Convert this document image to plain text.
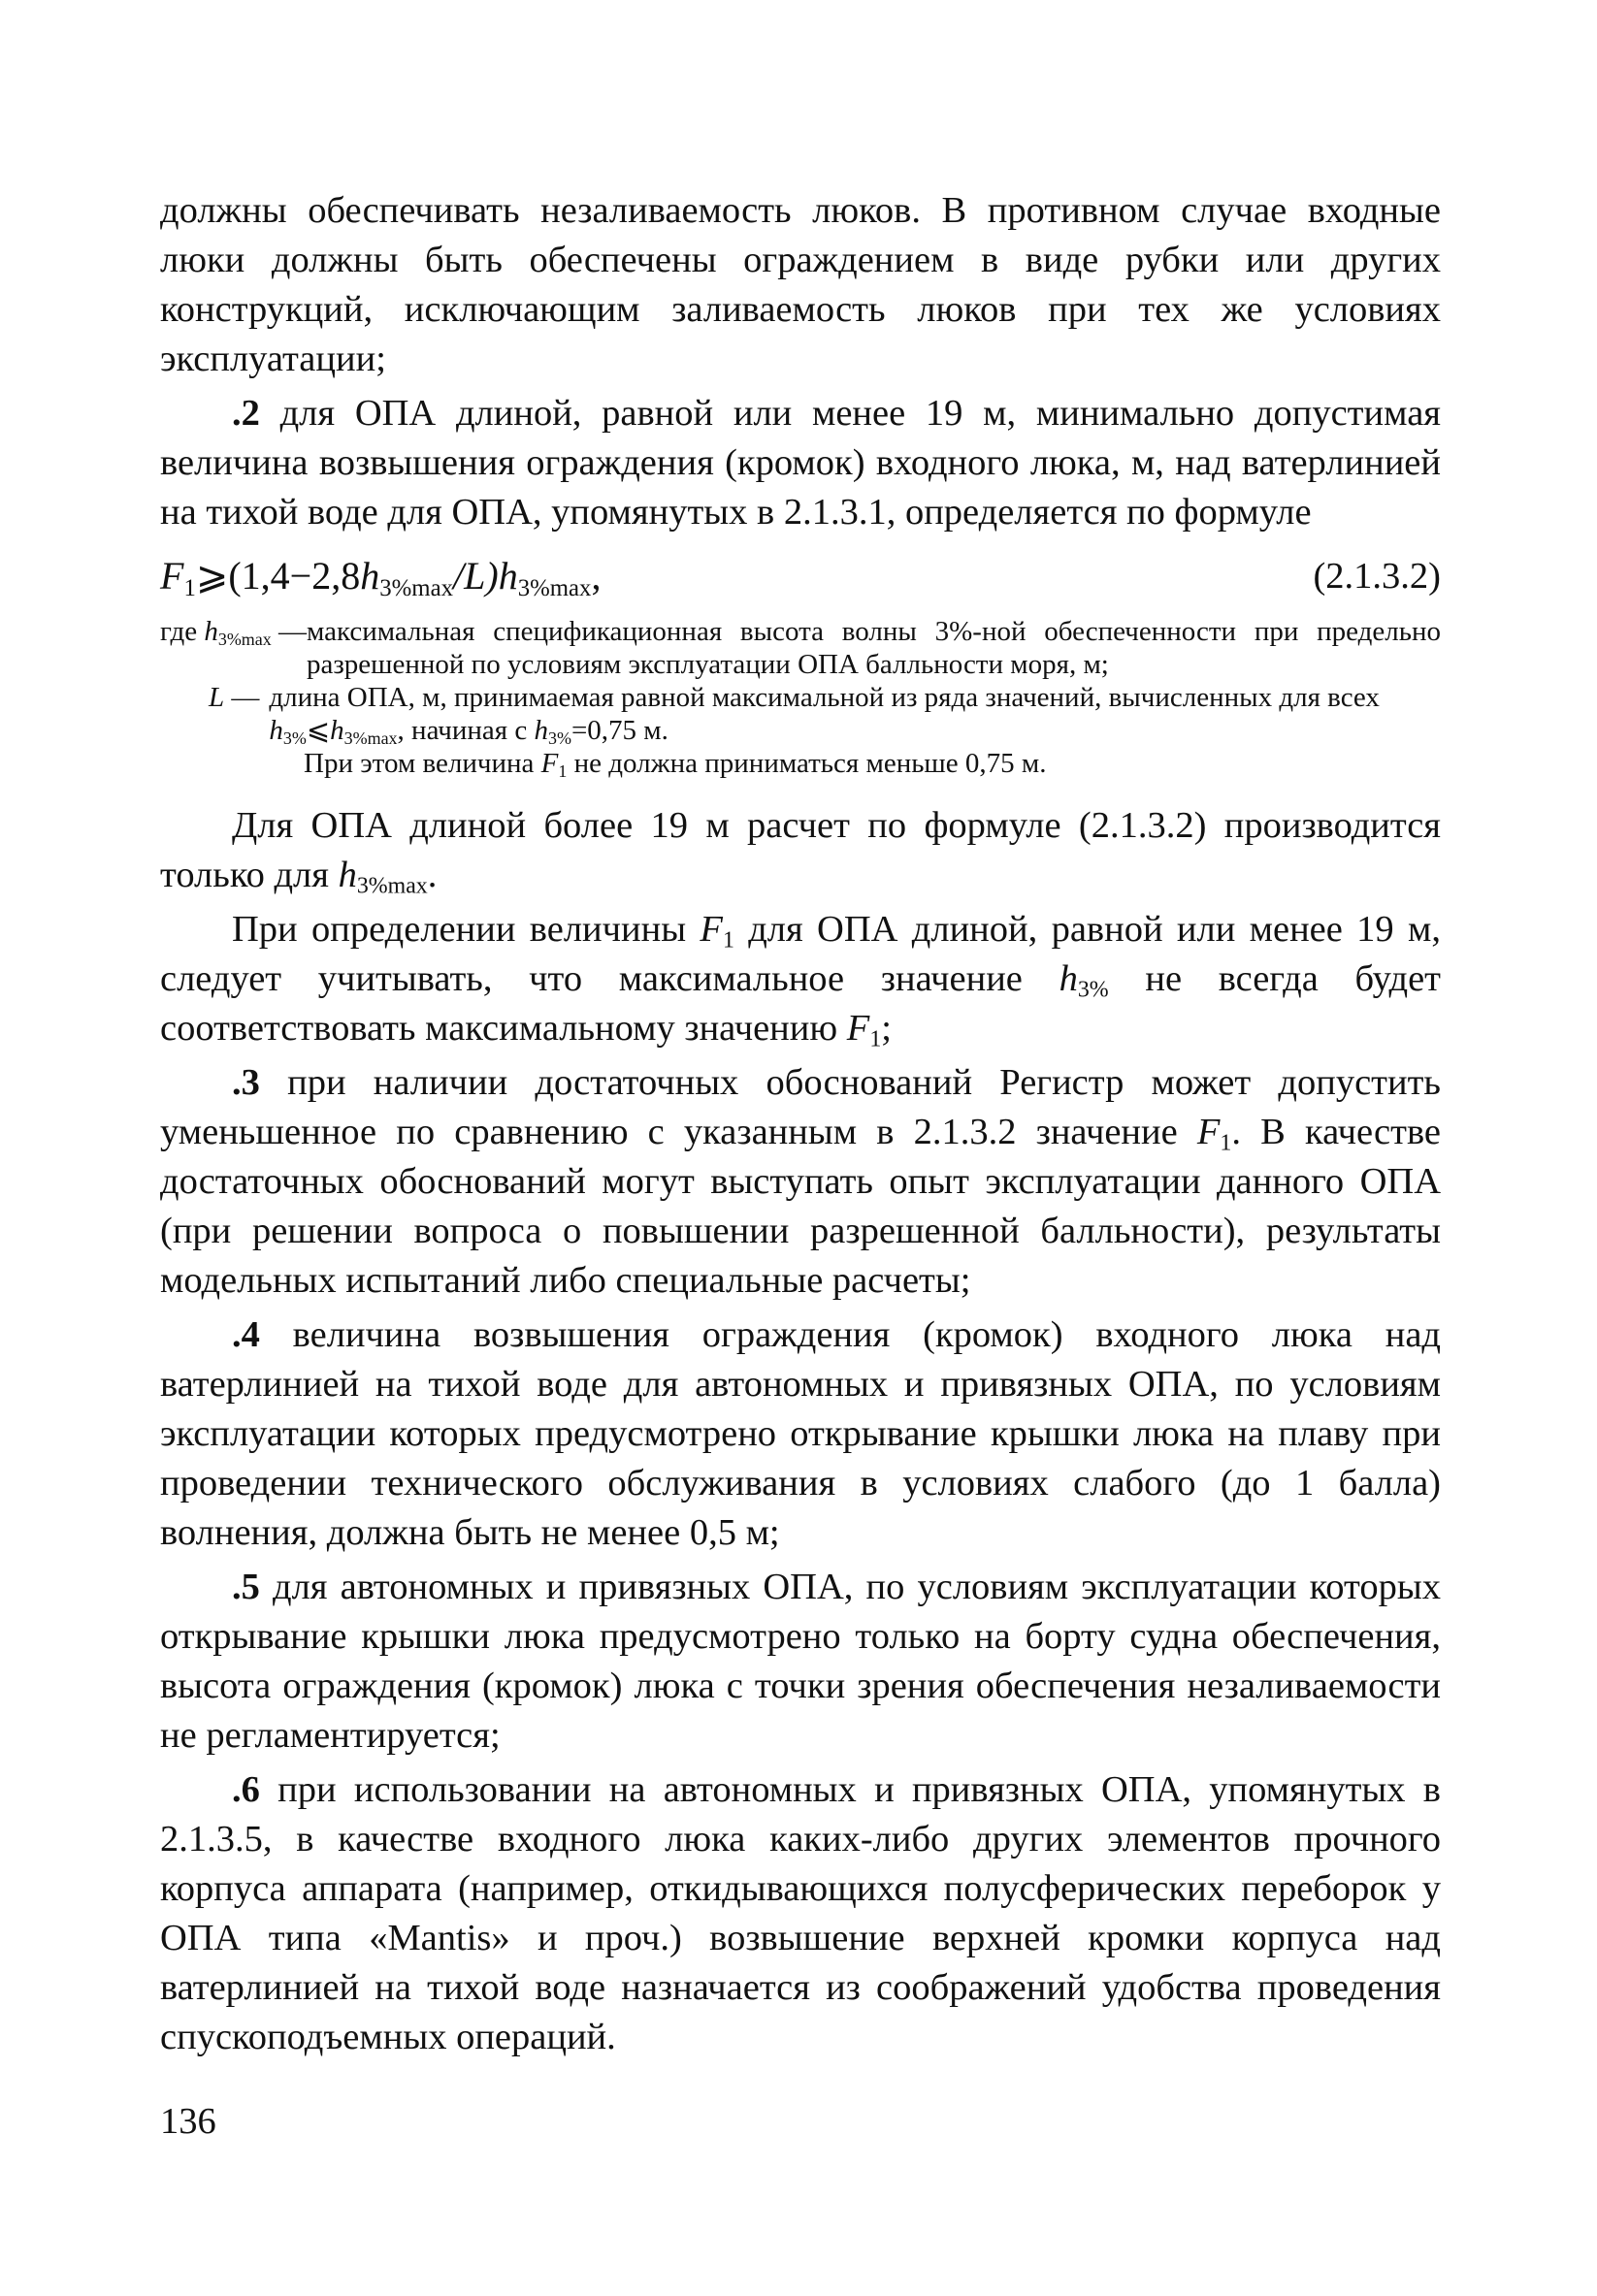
должны обеспечивать незаливаемость люков. В противном случае входные люки должны быть обеспечены ограждением в виде рубки или других конструкций, исключающим заливаемость люков при тех же условиях эксплуатации;

.2 для ОПА длиной, равной или менее 19 м, минимально допустимая величина возвышения ограждения (кромок) входного люка, м, над ватерлинией на тихой воде для ОПА, упомянутых в 2.1.3.1, определяется по формуле

$F_1⩾(1,4-2,8h_{3\%max}/L)h_{3\%max}$,	(2.1.3.2)
где $h_{3\%max}$ — максимальная спецификационная высота волны 3%-ной обеспеченности при предельно разрешенной по условиям эксплуатации ОПА балльности моря, м;
L — длина ОПА, м, принимаемая равной максимальной из ряда значений, вычисленных для всех $h_{3\%}⩽h_{3\%max}$, начиная с $h_{3\%}=0,75$ м.
При этом величина $F_1$ не должна приниматься меньше 0,75 м.

Для ОПА длиной более 19 м расчет по формуле (2.1.3.2) производится только для $h_{3\%max}$.

При определении величины $F_1$ для ОПА длиной, равной или менее 19 м, следует учитывать, что максимальное значение $h_{3\%}$ не всегда будет соответствовать максимальному значению $F_1$;

.3 при наличии достаточных обоснований Регистр может допустить уменьшенное по сравнению с указанным в 2.1.3.2 значение $F_1$. В качестве достаточных обоснований могут выступать опыт эксплуатации данного ОПА (при решении вопроса о повышении разрешенной балльности), результаты модельных испытаний либо специальные расчеты;

.4 величина возвышения ограждения (кромок) входного люка над ватерлинией на тихой воде для автономных и привязных ОПА, по условиям эксплуатации которых предусмотрено открывание крышки люка на плаву при проведении технического обслуживания в условиях слабого (до 1 балла) волнения, должна быть не менее 0,5 м;

.5 для автономных и привязных ОПА, по условиям эксплуатации которых открывание крышки люка предусмотрено только на борту судна обеспечения, высота ограждения (кромок) люка с точки зрения обеспечения незаливаемости не регламентируется;

.6 при использовании на автономных и привязных ОПА, упомянутых в 2.1.3.5, в качестве входного люка каких-либо других элементов прочного корпуса аппарата (например, откидывающихся полусферических переборок у ОПА типа «Mantis» и проч.) возвышение верхней кромки корпуса над ватерлинией на тихой воде назначается из соображений удобства проведения спускоподъемных операций.

136
